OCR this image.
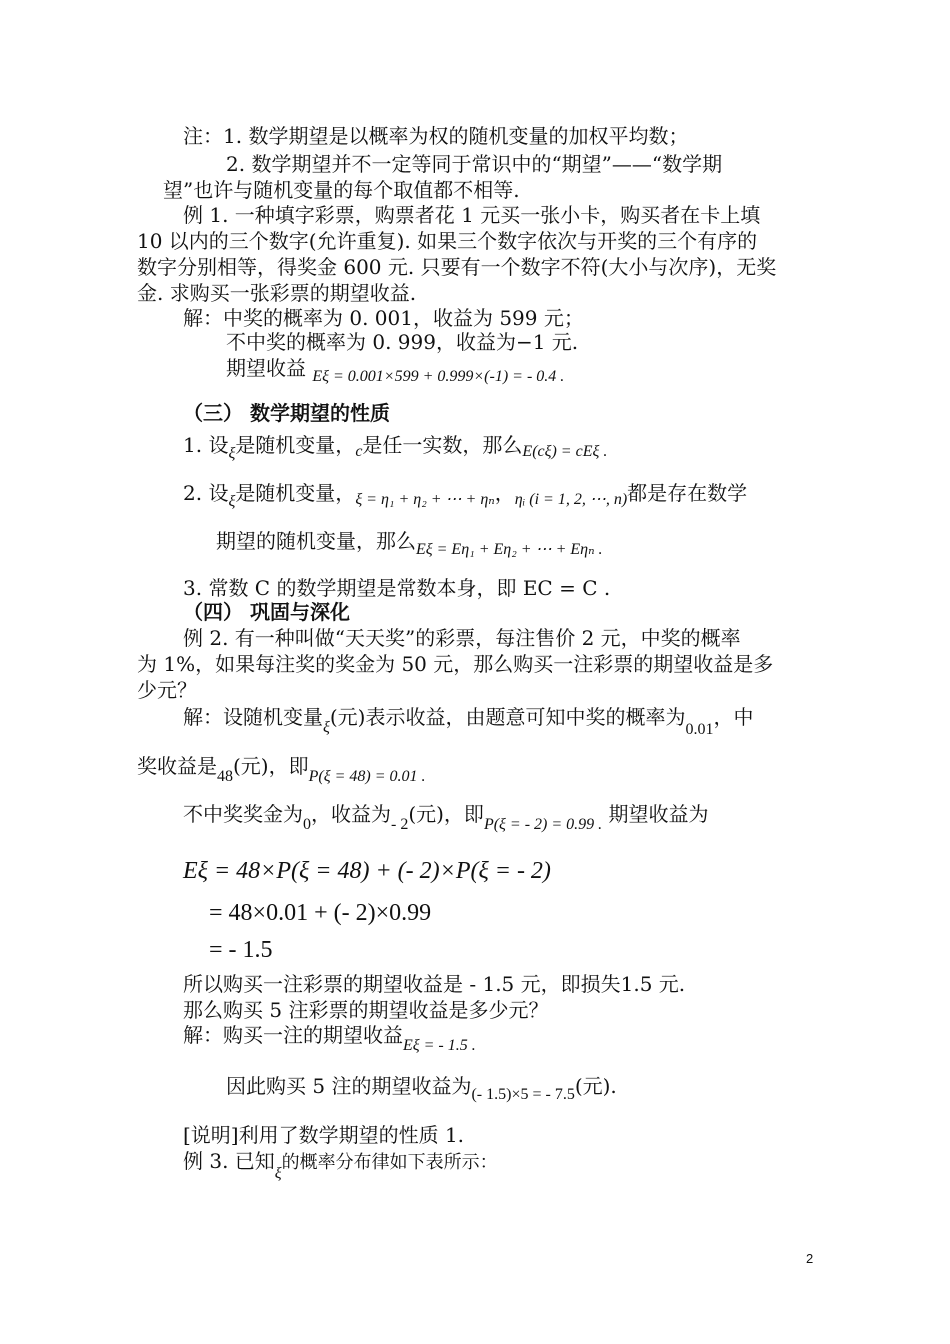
注：1. 数学期望是以概率为权的随机变量的加权平均数；
2. 数学期望并不一定等同于常识中的“期望”——“数学期
望”也许与随机变量的每个取值都不相等.
例 1. 一种填字彩票，购票者花 1 元买一张小卡，购买者在卡上填
10 以内的三个数字(允许重复). 如果三个数字依次与开奖的三个有序的
数字分别相等，得奖金 600 元. 只要有一个数字不符(大小与次序)，无奖
金. 求购买一张彩票的期望收益.
解：中奖的概率为 0. 001，收益为 599 元；
不中奖的概率为 0. 999，收益为−1 元.
期望收益 $_{E\xi = 0.001\times 599 + 0.999\times(-1) = - 0.4 .}$
（三） 数学期望的性质
1. 设$_\xi$是随机变量，$_c$是任一实数，那么$_{E(c\xi) = cE\xi .}$
2. 设$_\xi$是随机变量，$_{\xi = \eta_1 + \eta_2 + \cdots + \eta_n}$，$_{\eta ᵢ (i = 1, 2, \cdots, n)}$都是存在数学
期望的随机变量，那么$_{E\xi = E\eta_1 + E\eta_2 + \cdots + E\eta_n .}$
3. 常数 C 的数学期望是常数本身，即 EC = C .
（四） 巩固与深化
例 2. 有一种叫做“天天奖”的彩票，每注售价 2 元，中奖的概率
为 1%，如果每注奖的奖金为 50 元，那么购买一注彩票的期望收益是多
少元？
解：设随机变量$_\xi$(元)表示收益，由题意可知中奖的概率为$_{0.01}$，中
奖收益是$_{48}$(元)，即$_{P(\xi = 48) = 0.01 .}$
不中奖奖金为$_0$，收益为$_{- 2}$(元)，即$_{P(\xi = - 2) = 0.99 .}$ 期望收益为
Eξ = 48×P(ξ = 48) + (- 2)×P(ξ = - 2)
= 48×0.01 + (- 2)×0.99
= - 1.5
所以购买一注彩票的期望收益是 - 1.5 元，即损失1.5 元.
那么购买 5 注彩票的期望收益是多少元？
解：购买一注的期望收益$_{E\xi = - 1.5 .}$
因此购买 5 注的期望收益为$_{(- 1.5)\times 5 = - 7.5}$(元).
[说明]利用了数学期望的性质 1.
例 3. 已知$_\xi$的概率分布律如下表所示：
2
